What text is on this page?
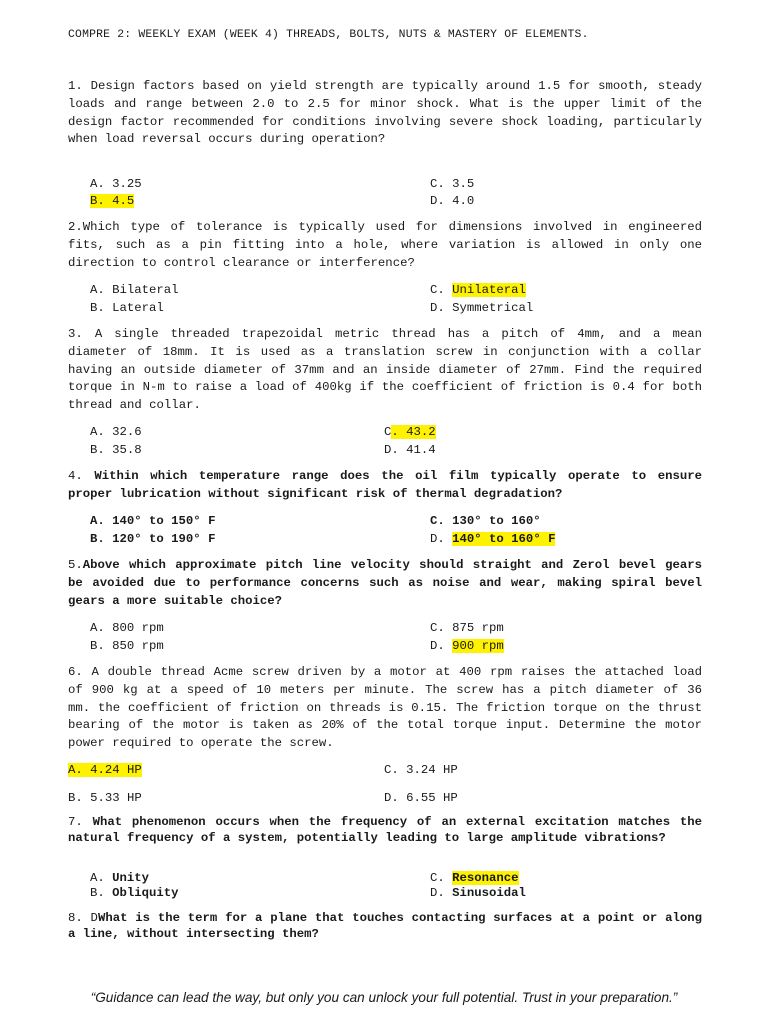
COMPRE 2: WEEKLY EXAM (WEEK 4) THREADS, BOLTS, NUTS & MASTERY OF ELEMENTS.
1. Design factors based on yield strength are typically around 1.5 for smooth, steady loads and range between 2.0 to 2.5 for minor shock. What is the upper limit of the design factor recommended for conditions involving severe shock loading, particularly when load reversal occurs during operation?
A. 3.25
B. 4.5
C. 3.5
D. 4.0
2.Which type of tolerance is typically used for dimensions involved in engineered fits, such as a pin fitting into a hole, where variation is allowed in only one direction to control clearance or interference?
A. Bilateral
B. Lateral
C. Unilateral
D. Symmetrical
3. A single threaded trapezoidal metric thread has a pitch of 4mm, and a mean diameter of 18mm. It is used as a translation screw in conjunction with a collar having an outside diameter of 37mm and an inside diameter of 27mm. Find the required torque in N-m to raise a load of 400kg if the coefficient of friction is 0.4 for both thread and collar.
A. 32.6
B. 35.8
C. 43.2
D. 41.4
4. Within which temperature range does the oil film typically operate to ensure proper lubrication without significant risk of thermal degradation?
A. 140° to 150° F
B. 120° to 190° F
C. 130° to 160°
D. 140° to 160° F
5.Above which approximate pitch line velocity should straight and Zerol bevel gears be avoided due to performance concerns such as noise and wear, making spiral bevel gears a more suitable choice?
A. 800 rpm
B. 850 rpm
C. 875 rpm
D. 900 rpm
6. A double thread Acme screw driven by a motor at 400 rpm raises the attached load of 900 kg at a speed of 10 meters per minute. The screw has a pitch diameter of 36 mm. the coefficient of friction on threads is 0.15. The friction torque on the thrust bearing of the motor is taken as 20% of the total torque input. Determine the motor power required to operate the screw.
A. 4.24 HP
B. 5.33 HP
C. 3.24 HP
D. 6.55 HP
7. What phenomenon occurs when the frequency of an external excitation matches the natural frequency of a system, potentially leading to large amplitude vibrations?
A. Unity
B. Obliquity
C. Resonance
D. Sinusoidal
8. DWhat is the term for a plane that touches contacting surfaces at a point or along a line, without intersecting them?
“Guidance can lead the way, but only you can unlock your full potential. Trust in your preparation.”
